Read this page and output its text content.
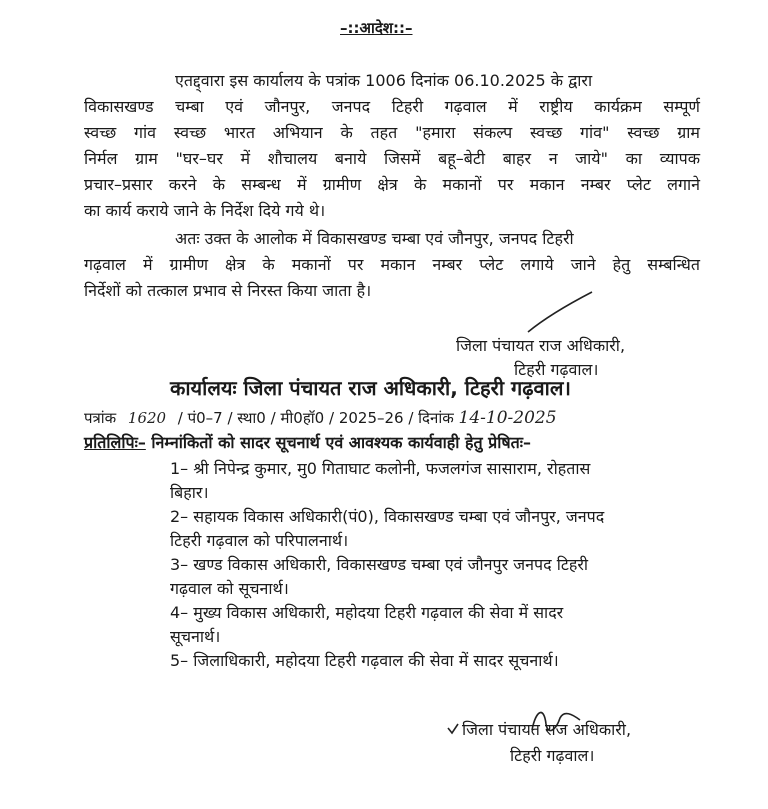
–::आदेश::–
एतद्द्वारा इस कार्यालय के पत्रांक 1006 दिनांक 06.10.2025 के द्वारा
विकासखण्ड चम्बा एवं जौनपुर, जनपद टिहरी गढ़वाल में राष्ट्रीय कार्यक्रम सम्पूर्ण
स्वच्छ गांव स्वच्छ भारत अभियान के तहत "हमारा संकल्प स्वच्छ गांव" स्वच्छ ग्राम
निर्मल ग्राम "घर–घर में शौचालय बनाये जिसमें बहू–बेटी बाहर न जाये" का व्यापक
प्रचार–प्रसार करने के सम्बन्ध में ग्रामीण क्षेत्र के मकानों पर मकान नम्बर प्लेट लगाने
का कार्य कराये जाने के निर्देश दिये गये थे।
अतः उक्त के आलोक में विकासखण्ड चम्बा एवं जौनपुर, जनपद टिहरी
गढ़वाल में ग्रामीण क्षेत्र के मकानों पर मकान नम्बर प्लेट लगाये जाने हेतु सम्बन्धित
निर्देशों को तत्काल प्रभाव से निरस्त किया जाता है।
जिला पंचायत राज अधिकारी,
टिहरी गढ़वाल।
कार्यालयः जिला पंचायत राज अधिकारी, टिहरी गढ़वाल।
पत्रांक 1620 / पं0–7 / स्था0 / मी0हॉ0 / 2025–26 / दिनांक 14-10-2025
प्रतिलिपिः– निम्नांकितों को सादर सूचनार्थ एवं आवश्यक कार्यवाही हेतु प्रेषितः–
1– श्री निपेन्द्र कुमार, मु0 गिताघाट कलोनी, फजलगंज सासाराम, रोहतास
बिहार।
2– सहायक विकास अधिकारी(पं0), विकासखण्ड चम्बा एवं जौनपुर, जनपद
टिहरी गढ़वाल को परिपालनार्थ।
3– खण्ड विकास अधिकारी, विकासखण्ड चम्बा एवं जौनपुर जनपद टिहरी
गढ़वाल को सूचनार्थ।
4– मुख्य विकास अधिकारी, महोदया टिहरी गढ़वाल की सेवा में सादर
सूचनार्थ।
5– जिलाधिकारी, महोदया टिहरी गढ़वाल की सेवा में सादर सूचनार्थ।
जिला पंचायत राज अधिकारी,
टिहरी गढ़वाल।
